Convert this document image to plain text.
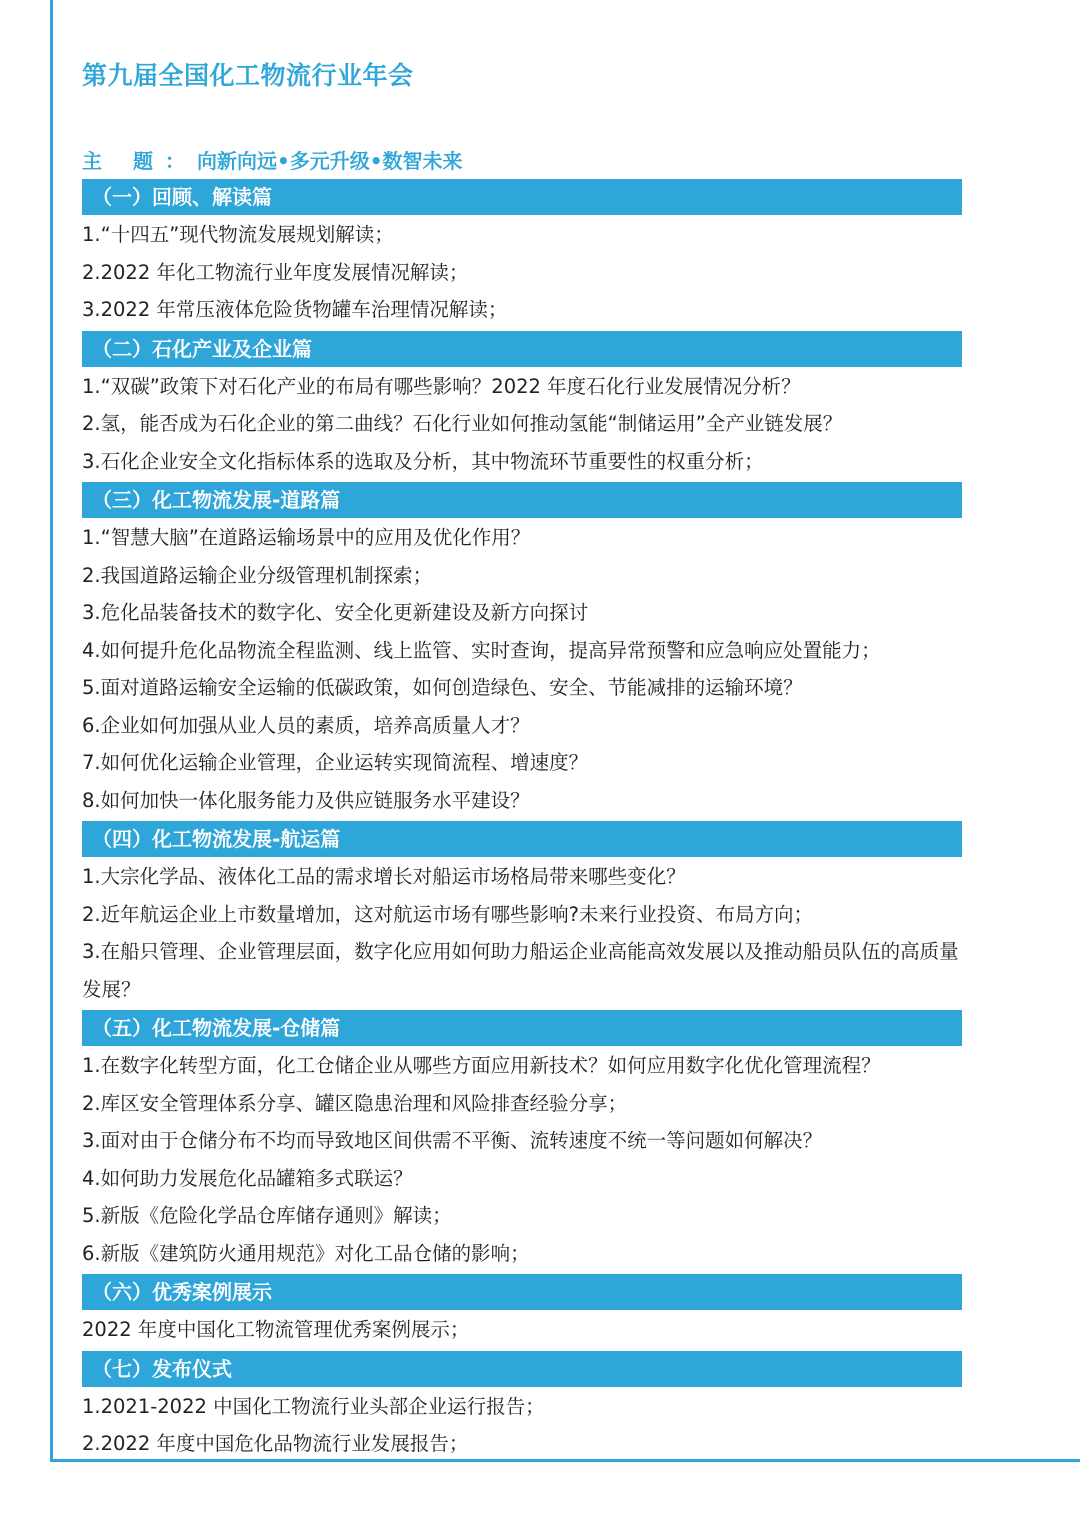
第九届全国化工物流行业年会
主 题：向新向远•多元升级•数智未来
（一）回顾、解读篇
1.“十四五”现代物流发展规划解读；
2.2022 年化工物流行业年度发展情况解读；
3.2022 年常压液体危险货物罐车治理情况解读；
（二）石化产业及企业篇
1.“双碳”政策下对石化产业的布局有哪些影响？2022 年度石化行业发展情况分析？
2.氢，能否成为石化企业的第二曲线？石化行业如何推动氢能“制储运用”全产业链发展？
3.石化企业安全文化指标体系的选取及分析，其中物流环节重要性的权重分析；
（三）化工物流发展-道路篇
1.“智慧大脑”在道路运输场景中的应用及优化作用？
2.我国道路运输企业分级管理机制探索；
3.危化品装备技术的数字化、安全化更新建设及新方向探讨
4.如何提升危化品物流全程监测、线上监管、实时查询，提高异常预警和应急响应处置能力；
5.面对道路运输安全运输的低碳政策，如何创造绿色、安全、节能减排的运输环境？
6.企业如何加强从业人员的素质，培养高质量人才？
7.如何优化运输企业管理，企业运转实现简流程、增速度？
8.如何加快一体化服务能力及供应链服务水平建设？
（四）化工物流发展-航运篇
1.大宗化学品、液体化工品的需求增长对船运市场格局带来哪些变化？
2.近年航运企业上市数量增加，这对航运市场有哪些影响?未来行业投资、布局方向；
3.在船只管理、企业管理层面，数字化应用如何助力船运企业高能高效发展以及推动船员队伍的高质量发展？
（五）化工物流发展-仓储篇
1.在数字化转型方面，化工仓储企业从哪些方面应用新技术？如何应用数字化优化管理流程？
2.库区安全管理体系分享、罐区隐患治理和风险排查经验分享；
3.面对由于仓储分布不均而导致地区间供需不平衡、流转速度不统一等问题如何解决？
4.如何助力发展危化品罐箱多式联运？
5.新版《危险化学品仓库储存通则》解读；
6.新版《建筑防火通用规范》对化工品仓储的影响；
（六）优秀案例展示
2022 年度中国化工物流管理优秀案例展示；
（七）发布仪式
1.2021-2022 中国化工物流行业头部企业运行报告；
2.2022 年度中国危化品物流行业发展报告；
